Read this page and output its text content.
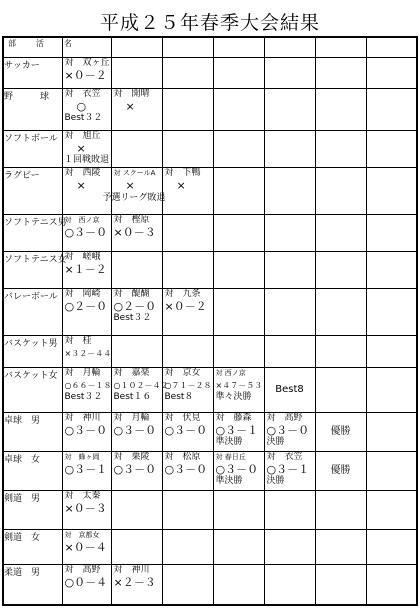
平成２５年春季大会結果
部　活　名							
サッカー	対　双ヶ丘
×０－２						

野　　　球	対　衣笠
○
Best３２	対　開晴
×					

ソフトボール	対　旭丘
×
１回戦敗退						

ラグビー	対　西陵
×
予選リーグ敗退	対 スクールA
×	対　下鴨
×				

ソフトテニス男	対　西ノ京
○３－０	対　樫原
×０－３					

ソフトテニス女	対　嵯峨
×１－２						

バレーボール	対　岡崎
○２－０	対　醍醐
○２－０
Best３２	対　九条
×０－２				

バスケット男	対　桂
×３２－４４						

バスケット女	対　月輪
○６６－１８
Best３２	対　嘉楽
○１０２－４２
Best１６	対　京女
○７１－２８
Best８	対 西ノ京
×４７－５３
準々決勝	Best8		
卓球　男	対　神川
○３－０	対　月輪
○３－０	対　伏見
○３－０	対　藤森
○３－１
準決勝	対　高野
○３－０
決勝	優勝	
卓球　女	対　蜂ヶ岡
○３－１	対　栗陵
○３－０	対　松原
○３－０	対 春日丘
○３－０
準決勝	対　衣笠
○３－１
決勝	優勝	
剣道　男	対　太秦
×０－３						

剣道　女	対　京都女
×０－４						

柔道　男	対　高野
○０－４	対　神川
×２－３					
